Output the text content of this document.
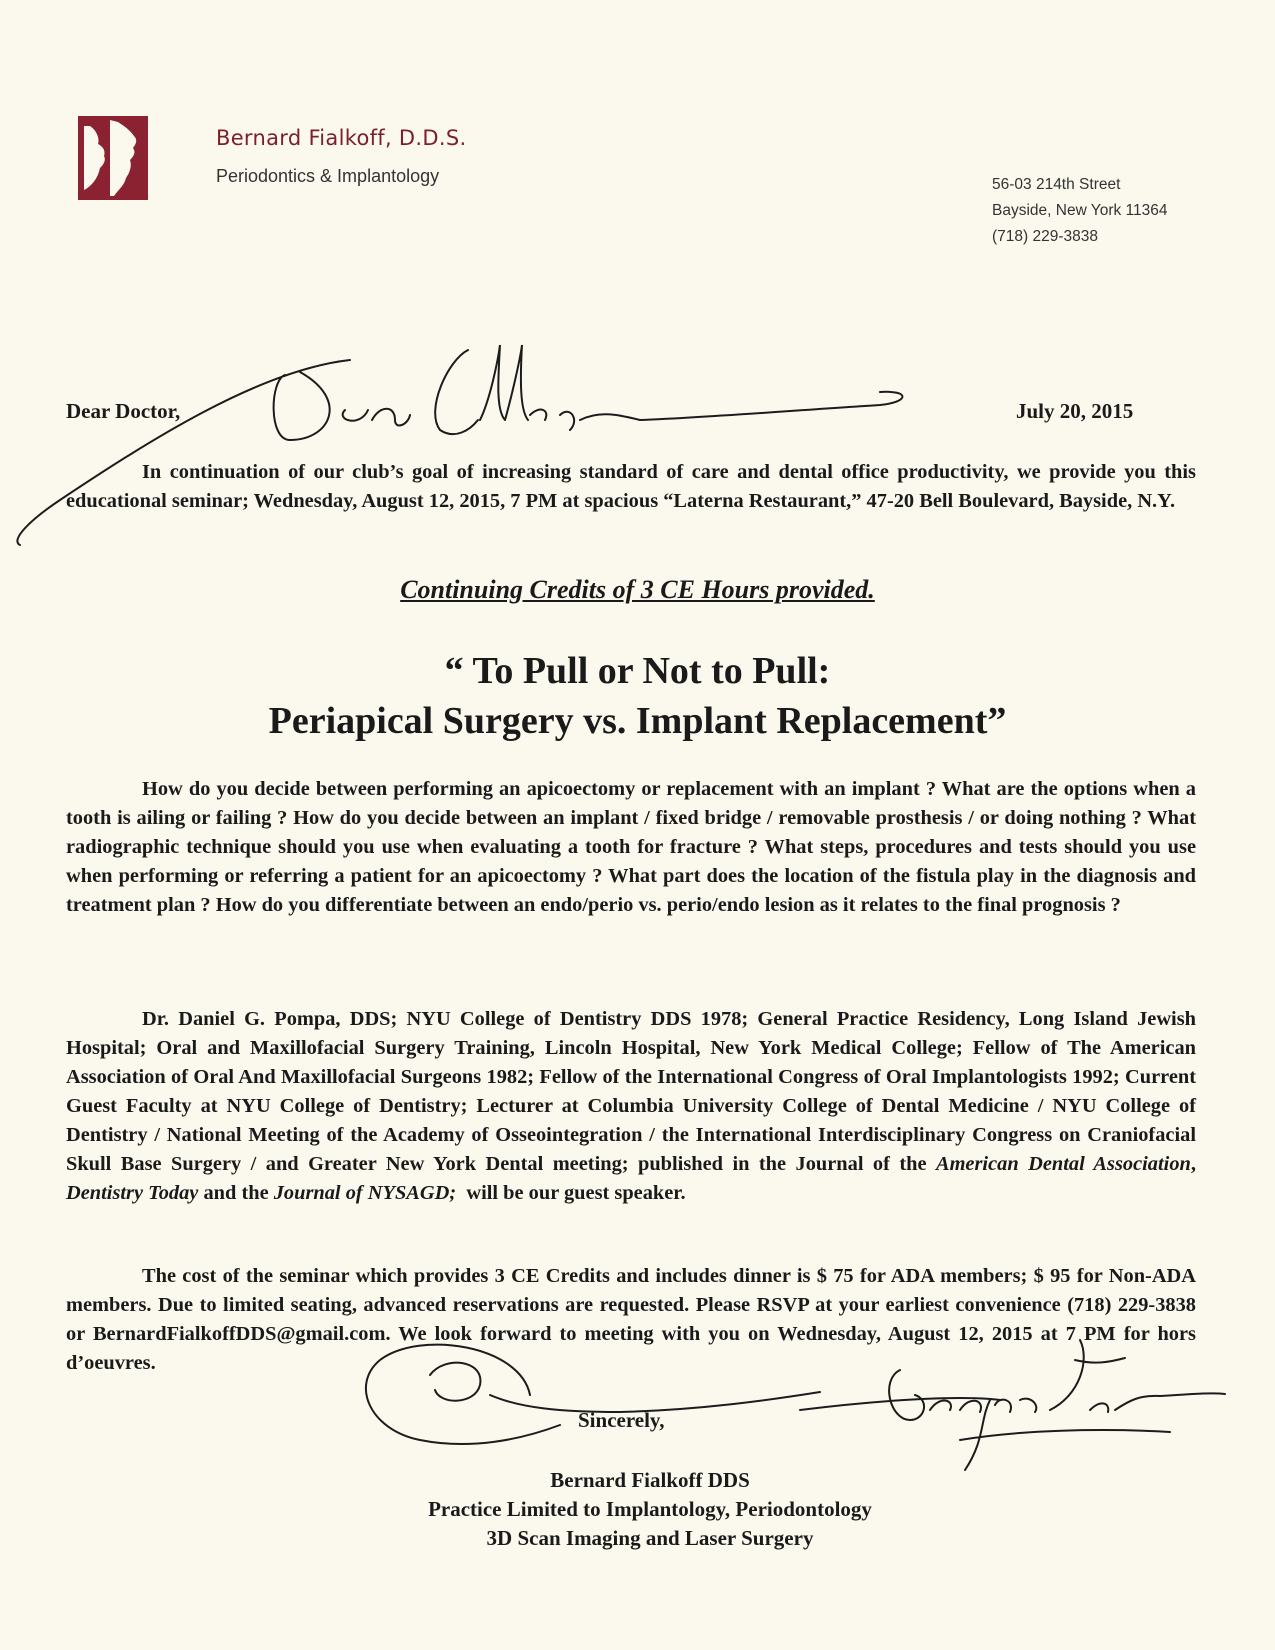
Bernard Fialkoff, D.D.S.
Periodontics & Implantology	56-03 214th Street
Bayside, New York 11364
(718) 229-3838
Dear Doctor,	July 20, 2015
In continuation of our club’s goal of increasing standard of care and dental office productivity, we provide you this educational seminar; Wednesday, August 12, 2015, 7 PM at spacious “Laterna Restaurant,” 47-20 Bell Boulevard, Bayside, N.Y.
Continuing Credits of 3 CE Hours provided.
“ To Pull or Not to Pull:
Periapical Surgery vs. Implant Replacement”
How do you decide between performing an apicoectomy or replacement with an implant ? What are the options when a tooth is ailing or failing ? How do you decide between an implant / fixed bridge / removable prosthesis / or doing nothing ? What radiographic technique should you use when evaluating a tooth for fracture ? What steps, procedures and tests should you use when performing or referring a patient for an apicoectomy ? What part does the location of the fistula play in the diagnosis and treatment plan ? How do you differentiate between an endo/perio vs. perio/endo lesion as it relates to the final prognosis ?
Dr. Daniel G. Pompa, DDS; NYU College of Dentistry DDS 1978; General Practice Residency, Long Island Jewish Hospital; Oral and Maxillofacial Surgery Training, Lincoln Hospital, New York Medical College; Fellow of The American Association of Oral And Maxillofacial Surgeons 1982; Fellow of the International Congress of Oral Implantologists 1992; Current Guest Faculty at NYU College of Dentistry; Lecturer at Columbia University College of Dental Medicine / NYU College of Dentistry / National Meeting of the Academy of Osseointegration / the International Interdisciplinary Congress on Craniofacial Skull Base Surgery / and Greater New York Dental meeting; published in the Journal of the American Dental Association, Dentistry Today and the Journal of NYSAGD; will be our guest speaker.
The cost of the seminar which provides 3 CE Credits and includes dinner is $ 75 for ADA members; $ 95 for Non-ADA members. Due to limited seating, advanced reservations are requested. Please RSVP at your earliest convenience (718) 229-3838 or BernardFialkoffDDS@gmail.com. We look forward to meeting with you on Wednesday, August 12, 2015 at 7 PM for hors d’oeuvres.
Sincerely,
Bernard Fialkoff DDS
Practice Limited to Implantology, Periodontology
3D Scan Imaging and Laser Surgery
